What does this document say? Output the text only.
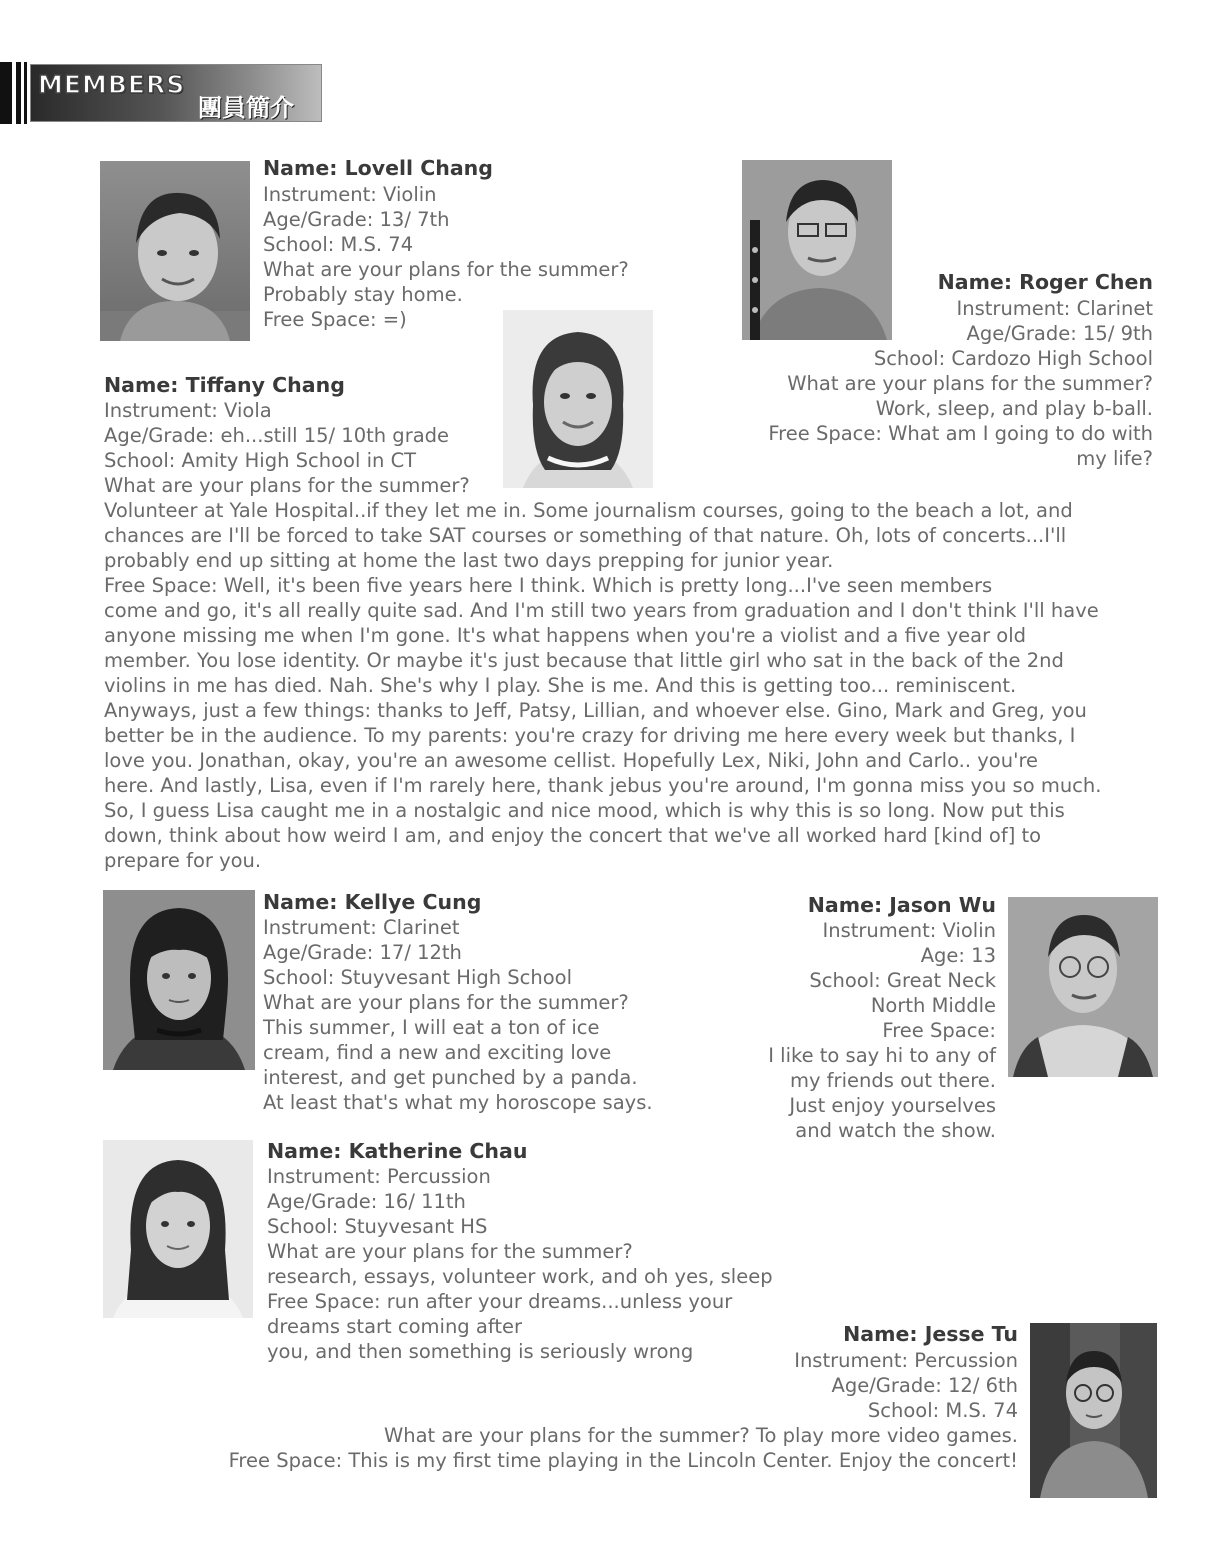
MEMBERS
團員簡介
Name: Lovell Chang
Instrument: Violin
Age/Grade: 13/ 7th
School: M.S. 74
What are your plans for the summer?
Probably stay home.
Free Space: =)
Name: Tiffany Chang
Instrument: Viola
Age/Grade: eh...still 15/ 10th grade
School: Amity High School in CT
What are your plans for the summer?
Volunteer at Yale Hospital..if they let me in. Some journalism courses, going to the beach a lot, and
chances are I'll be forced to take SAT courses or something of that nature. Oh, lots of concerts...I'll
probably end up sitting at home the last two days prepping for junior year.
Free Space: Well, it's been five years here I think. Which is pretty long...I've seen members
come and go, it's all really quite sad. And I'm still two years from graduation and I don't think I'll have
anyone missing me when I'm gone. It's what happens when you're a violist and a five year old
member. You lose identity. Or maybe it's just because that little girl who sat in the back of the 2nd
violins in me has died. Nah. She's why I play. She is me. And this is getting too... reminiscent.
Anyways, just a few things: thanks to Jeff, Patsy, Lillian, and whoever else. Gino, Mark and Greg, you
better be in the audience. To my parents: you're crazy for driving me here every week but thanks, I
love you. Jonathan, okay, you're an awesome cellist. Hopefully Lex, Niki, John and Carlo.. you're
here. And lastly, Lisa, even if I'm rarely here, thank jebus you're around, I'm gonna miss you so much.
So, I guess Lisa caught me in a nostalgic and nice mood, which is why this is so long. Now put this
down, think about how weird I am, and enjoy the concert that we've all worked hard [kind of] to
prepare for you.
Name: Roger Chen
Instrument: Clarinet
Age/Grade: 15/ 9th
School: Cardozo High School
What are your plans for the summer?
Work, sleep, and play b-ball.
Free Space: What am I going to do with
my life?
Name: Kellye Cung
Instrument: Clarinet
Age/Grade: 17/ 12th
School: Stuyvesant High School
What are your plans for the summer?
This summer, I will eat a ton of ice
cream, find a new and exciting love
interest, and get punched by a panda.
At least that's what my horoscope says.
Name: Jason Wu
Instrument: Violin
Age: 13
School: Great Neck
North Middle
Free Space:
I like to say hi to any of
my friends out there.
Just enjoy yourselves
and watch the show.
Name: Katherine Chau
Instrument: Percussion
Age/Grade: 16/ 11th
School: Stuyvesant HS
What are your plans for the summer?
research, essays, volunteer work, and oh yes, sleep
Free Space: run after your dreams...unless your
dreams start coming after
you, and then something is seriously wrong
Name: Jesse Tu
Instrument: Percussion
Age/Grade: 12/ 6th
School: M.S. 74
What are your plans for the summer? To play more video games.
Free Space: This is my first time playing in the Lincoln Center. Enjoy the concert!
